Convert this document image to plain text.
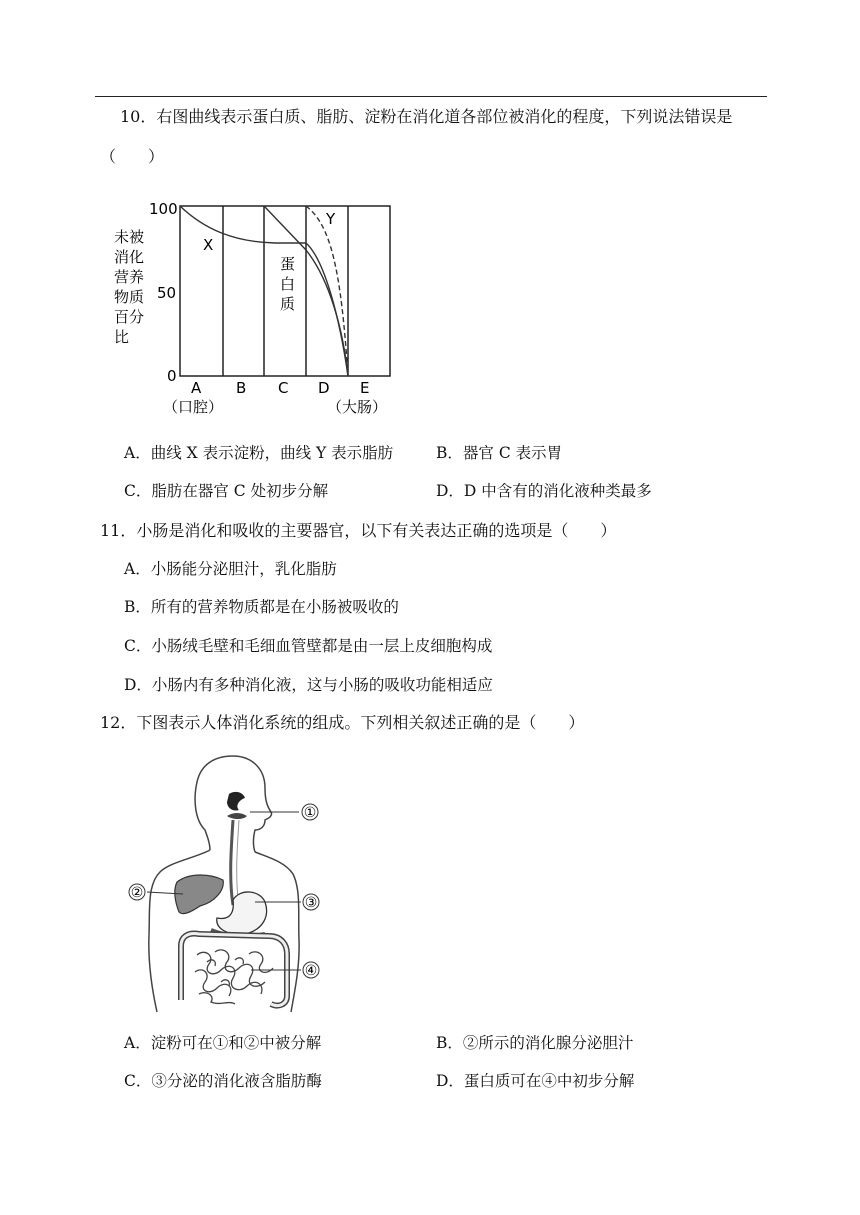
10．右图曲线表示蛋白质、脂肪、淀粉在消化道各部位被消化的程度，下列说法错误是
（　　）
100
50
0
未被
消化
营养
物质
百分
比
X
Y
蛋
白
质
A B C D E
（口腔）	（大肠）
A．曲线 X 表示淀粉，曲线 Y 表示脂肪	B．器官 C 表示胃
C．脂肪在器官 C 处初步分解	D．D 中含有的消化液种类最多
11．小肠是消化和吸收的主要器官，以下有关表达正确的选项是（　　）
A．小肠能分泌胆汁，乳化脂肪
B．所有的营养物质都是在小肠被吸收的
C．小肠绒毛壁和毛细血管壁都是由一层上皮细胞构成
D．小肠内有多种消化液，这与小肠的吸收功能相适应
12．下图表示人体消化系统的组成。下列相关叙述正确的是（　　）
①
②
③
④
A．淀粉可在①和②中被分解	B．②所示的消化腺分泌胆汁
C．③分泌的消化液含脂肪酶	D．蛋白质可在④中初步分解
